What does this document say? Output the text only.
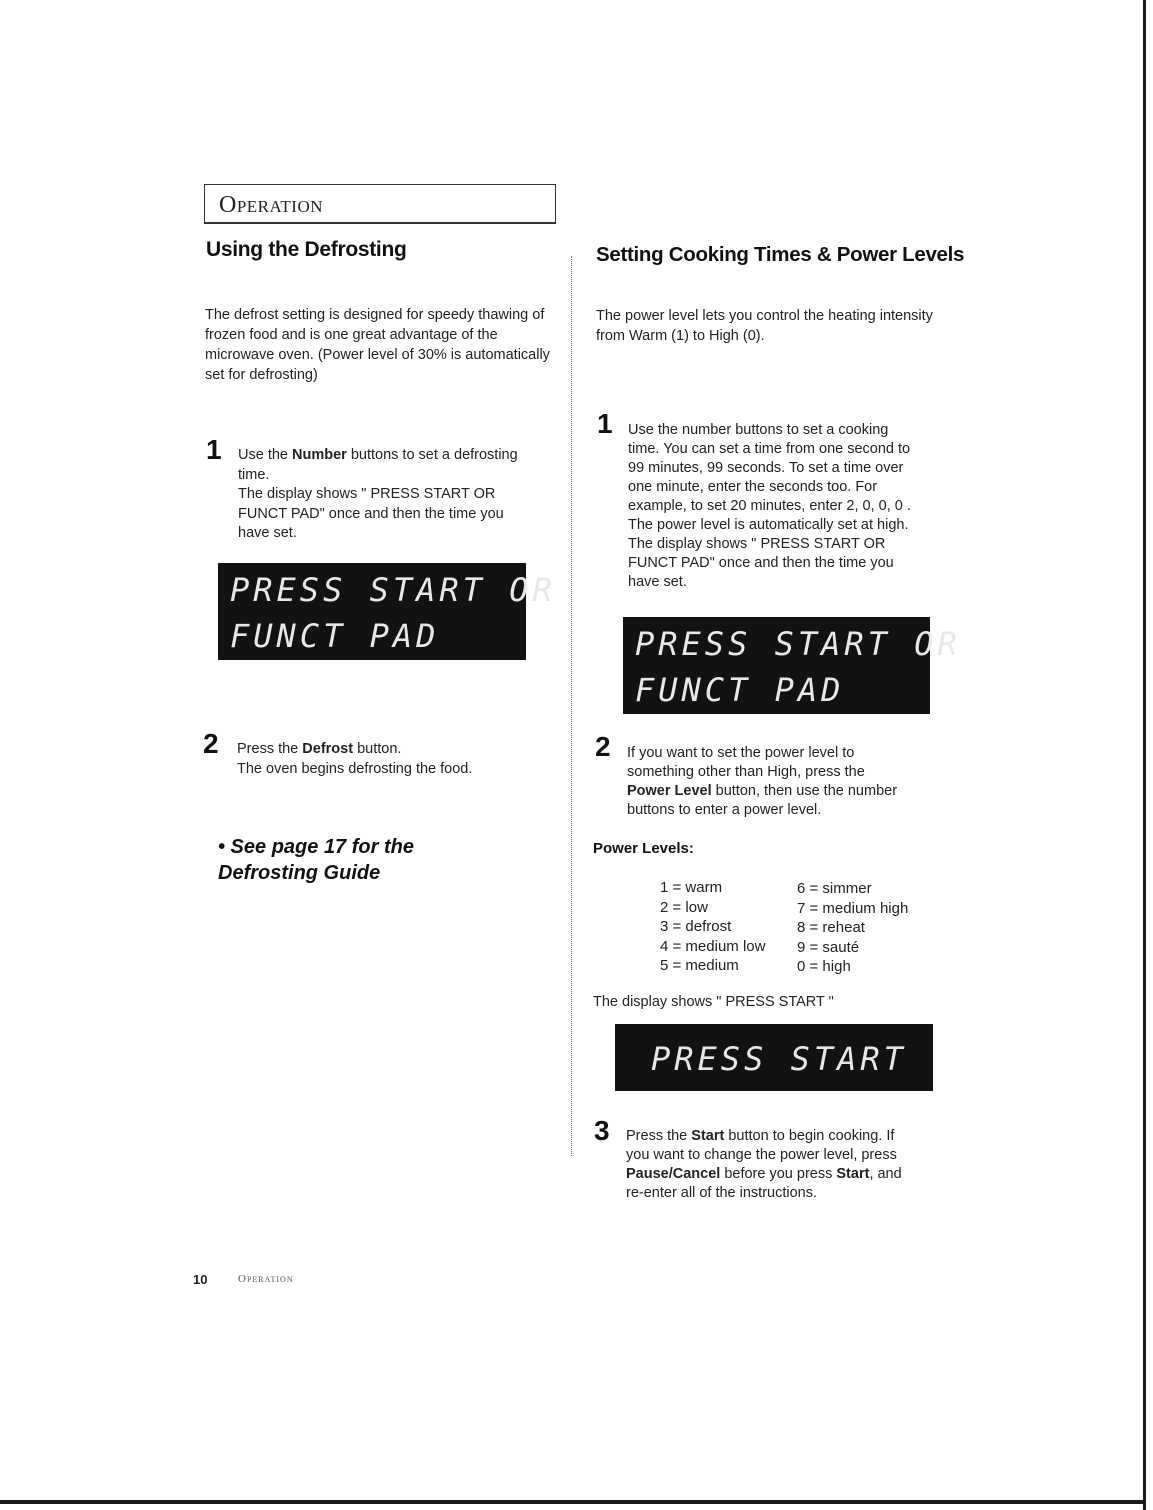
Operation
Using the Defrosting
The defrost setting is designed for speedy thawing of frozen food and is one great advantage of the microwave oven. (Power level of 30% is automatically set for defrosting)
1 Use the Number buttons to set a defrosting time.
The display shows " PRESS START OR FUNCT PAD" once and then the time you have set.
PRESS START OR
FUNCT PAD
2 Press the Defrost button.
The oven begins defrosting the food.
• See page 17 for the Defrosting Guide
Setting Cooking Times & Power Levels
The power level lets you control the heating intensity from Warm (1) to High (0).
1 Use the number buttons to set a cooking time. You can set a time from one second to 99 minutes, 99 seconds. To set a time over one minute, enter the seconds too. For example, to set 20 minutes, enter 2, 0, 0, 0 .
The power level is automatically set at high. The display shows " PRESS START OR FUNCT PAD" once and then the time you have set.
PRESS START OR
FUNCT PAD
2 If you want to set the power level to something other than High, press the Power Level button, then use the number buttons to enter a power level.
Power Levels:
1 = warm
2 = low
3 = defrost
4 = medium low
5 = medium
6 = simmer
7 = medium high
8 = reheat
9 = sauté
0 = high
The display shows " PRESS START "
PRESS START
3 Press the Start button to begin cooking. If you want to change the power level, press Pause/Cancel before you press Start, and re-enter all of the instructions.
10	Operation
